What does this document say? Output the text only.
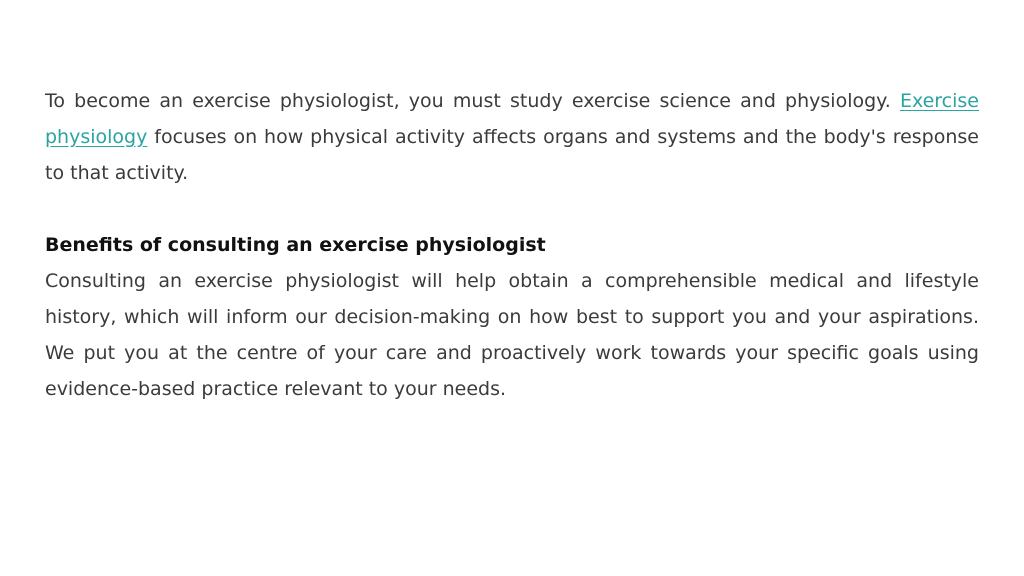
To become an exercise physiologist, you must study exercise science and physiology. Exercise physiology focuses on how physical activity affects organs and systems and the body's response to that activity.

Benefits of consulting an exercise physiologist

Consulting an exercise physiologist will help obtain a comprehensible medical and lifestyle history, which will inform our decision-making on how best to support you and your aspirations. We put you at the centre of your care and proactively work towards your specific goals using evidence-based practice relevant to your needs.
